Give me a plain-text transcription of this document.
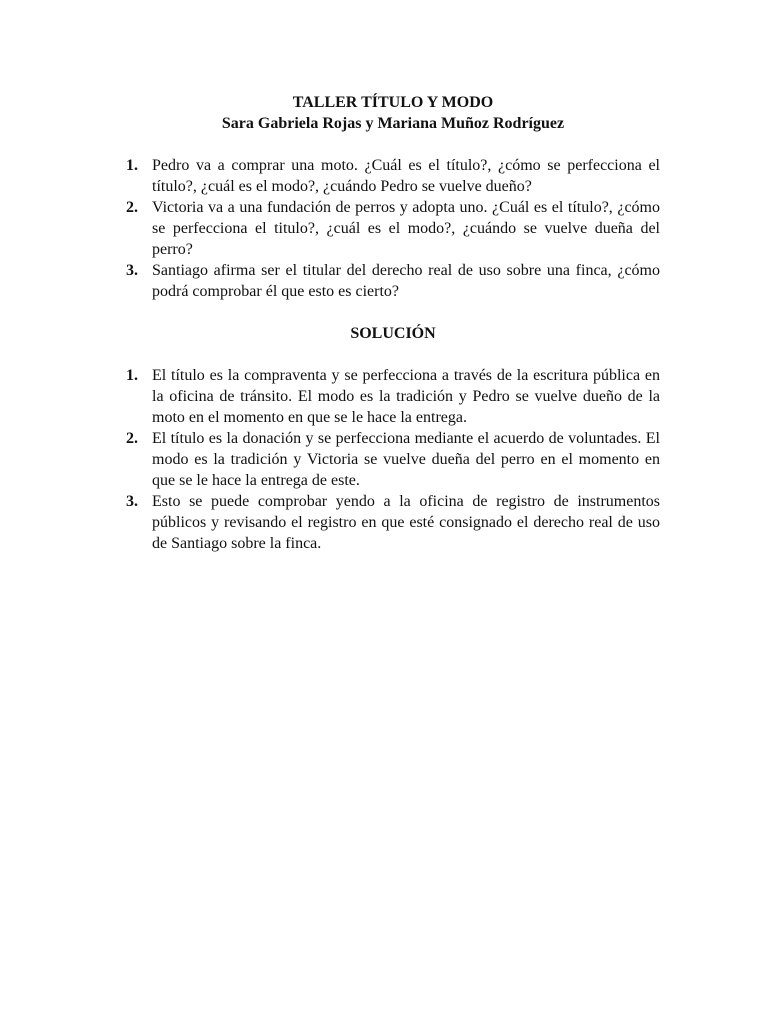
TALLER TÍTULO Y MODO

Sara Gabriela Rojas y Mariana Muñoz Rodríguez

1. Pedro va a comprar una moto. ¿Cuál es el título?, ¿cómo se perfecciona el título?, ¿cuál es el modo?, ¿cuándo Pedro se vuelve dueño?
2. Victoria va a una fundación de perros y adopta uno. ¿Cuál es el título?, ¿cómo se perfecciona el titulo?, ¿cuál es el modo?, ¿cuándo se vuelve dueña del perro?
3. Santiago afirma ser el titular del derecho real de uso sobre una finca, ¿cómo podrá comprobar él que esto es cierto?

SOLUCIÓN

1. El título es la compraventa y se perfecciona a través de la escritura pública en la oficina de tránsito. El modo es la tradición y Pedro se vuelve dueño de la moto en el momento en que se le hace la entrega.
2. El título es la donación y se perfecciona mediante el acuerdo de voluntades. El modo es la tradición y Victoria se vuelve dueña del perro en el momento en que se le hace la entrega de este.
3. Esto se puede comprobar yendo a la oficina de registro de instrumentos públicos y revisando el registro en que esté consignado el derecho real de uso de Santiago sobre la finca.
